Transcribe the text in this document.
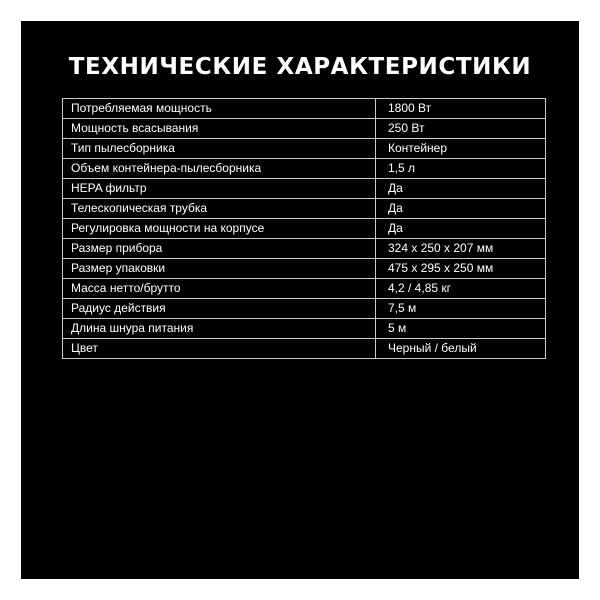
ТЕХНИЧЕСКИЕ ХАРАКТЕРИСТИКИ
Потребляемая мощность	1800 Вт
Мощность всасывания	250 Вт
Тип пылесборника	Контейнер
Объем контейнера-пылесборника	1,5 л
HEPA фильтр	Да
Телескопическая трубка	Да
Регулировка мощности на корпусе	Да
Размер прибора	324 x 250 x 207 мм
Размер упаковки	475 x 295 x 250 мм
Масса нетто/брутто	4,2 / 4,85 кг
Радиус действия	7,5 м
Длина шнура питания	5 м
Цвет	Черный / белый
